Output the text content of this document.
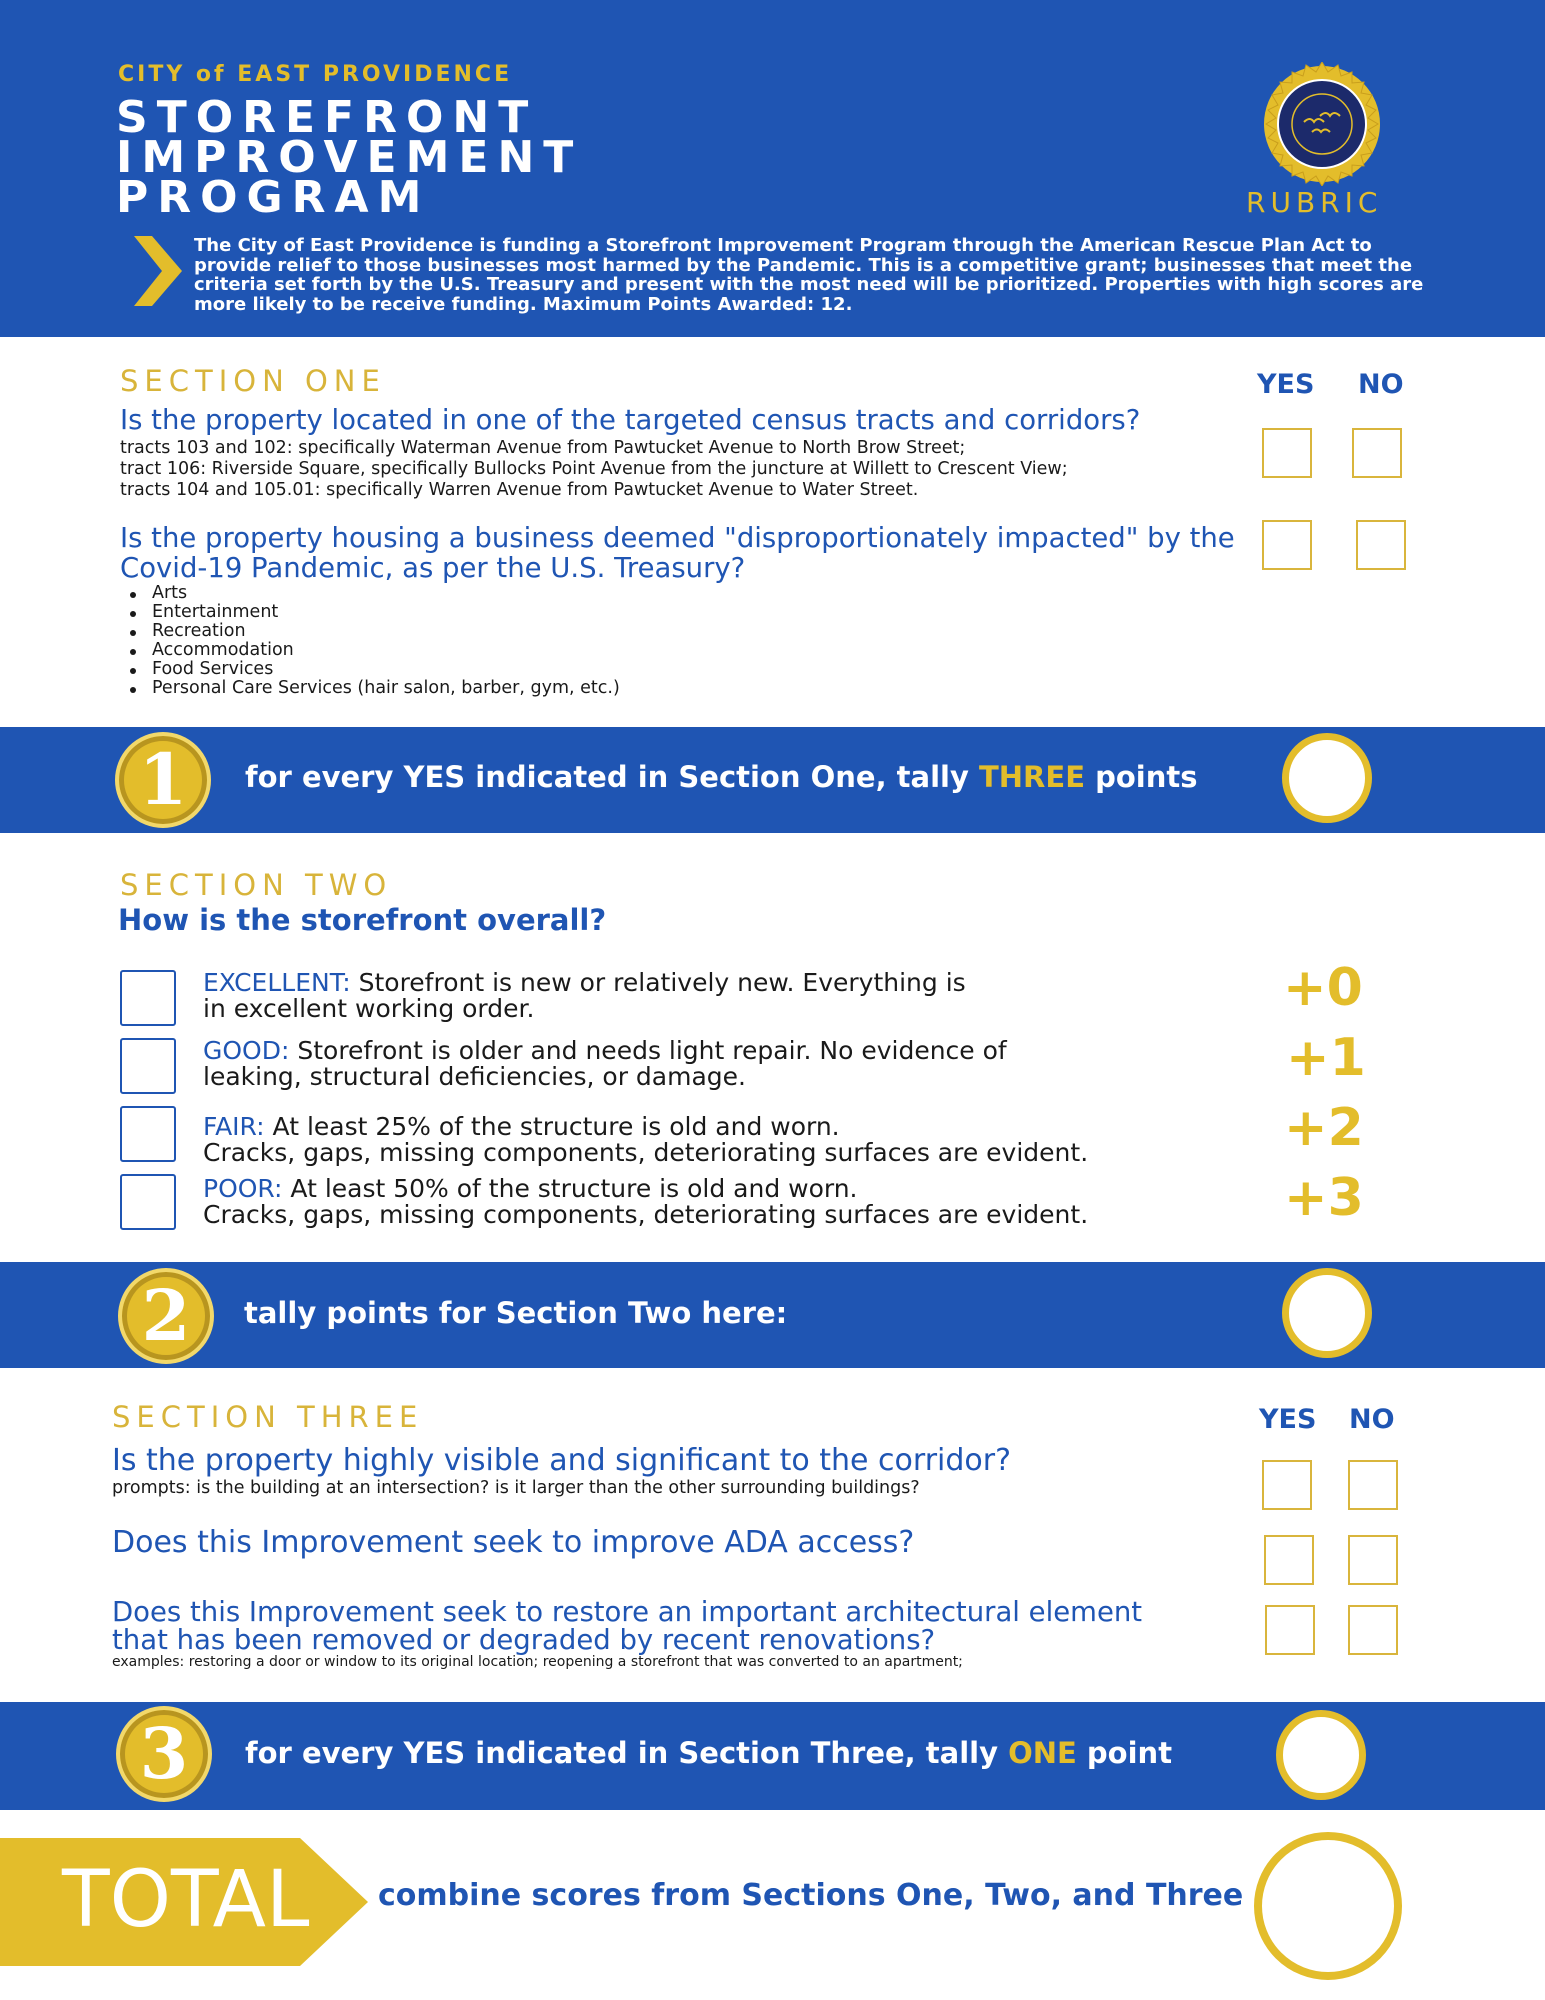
CITY of EAST PROVIDENCE
STOREFRONT
IMPROVEMENT
PROGRAM	RUBRIC
The City of East Providence is funding a Storefront Improvement Program through the American Rescue Plan Act to provide relief to those businesses most harmed by the Pandemic. This is a competitive grant; businesses that meet the criteria set forth by the U.S. Treasury and present with the most need will be prioritized. Properties with high scores are more likely to be receive funding. Maximum Points Awarded: 12.
SECTION ONE	YES NO
Is the property located in one of the targeted census tracts and corridors?
tracts 103 and 102: specifically Waterman Avenue from Pawtucket Avenue to North Brow Street;
tract 106: Riverside Square, specifically Bullocks Point Avenue from the juncture at Willett to Crescent View;
tracts 104 and 105.01: specifically Warren Avenue from Pawtucket Avenue to Water Street.
Is the property housing a business deemed "disproportionately impacted" by the
Covid-19 Pandemic, as per the U.S. Treasury?
Arts
Entertainment
Recreation
Accommodation
Food Services
Personal Care Services (hair salon, barber, gym, etc.)
1	for every YES indicated in Section One, tally THREE points
SECTION TWO
How is the storefront overall?
EXCELLENT: Storefront is new or relatively new. Everything is
in excellent working order.	+0
GOOD: Storefront is older and needs light repair. No evidence of
leaking, structural deficiencies, or damage.	+1
FAIR: At least 25% of the structure is old and worn.
Cracks, gaps, missing components, deteriorating surfaces are evident.	+2
POOR: At least 50% of the structure is old and worn.
Cracks, gaps, missing components, deteriorating surfaces are evident.	+3
2	tally points for Section Two here:
SECTION THREE	YES NO
Is the property highly visible and significant to the corridor?
prompts: is the building at an intersection? is it larger than the other surrounding buildings?
Does this Improvement seek to improve ADA access?
Does this Improvement seek to restore an important architectural element
that has been removed or degraded by recent renovations?
examples: restoring a door or window to its original location; reopening a storefront that was converted to an apartment;
3	for every YES indicated in Section Three, tally ONE point
TOTAL combine scores from Sections One, Two, and Three
